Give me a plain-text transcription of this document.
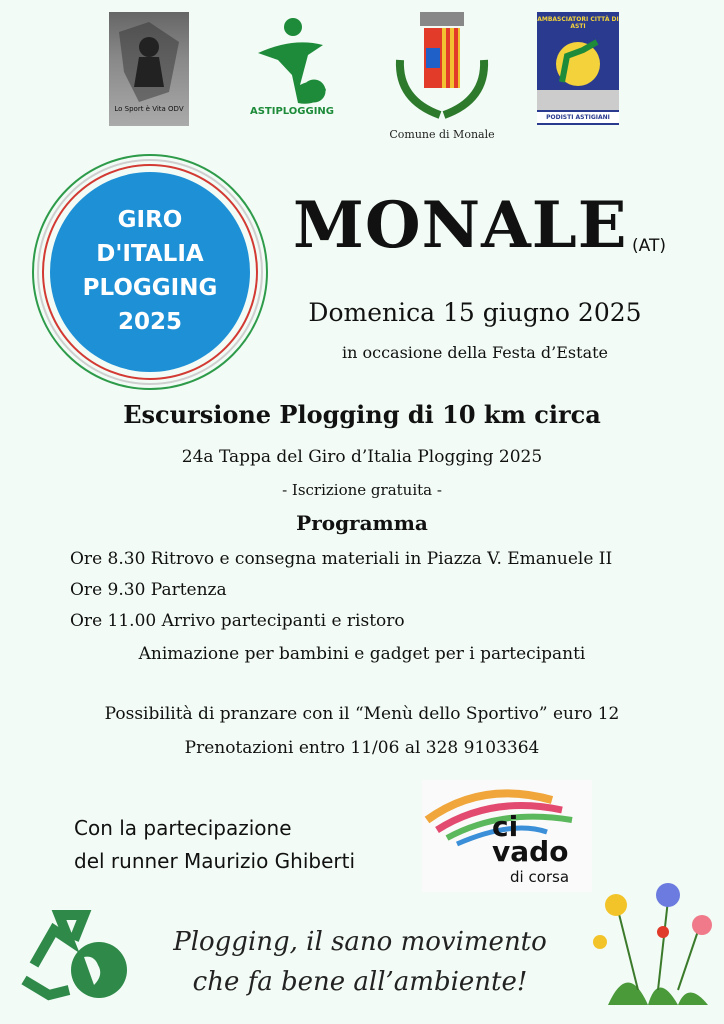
Lo Sport è Vita ODV	ASTIPLOGGING
Comune di Monale
AMBASCIATORI CITTÀ DI ASTI
PODISTI ASTIGIANI
GIRO
D'ITALIA
PLOGGING
2025
MONALE (AT)
Domenica 15 giugno 2025
in occasione della Festa d’Estate
Escursione Plogging di 10 km circa
24a Tappa del Giro d’Italia Plogging 2025
- Iscrizione gratuita -
Programma
Ore 8.30 Ritrovo e consegna materiali in Piazza V. Emanuele II
Ore 9.30 Partenza
Ore 11.00 Arrivo partecipanti e ristoro
Animazione per bambini e gadget per i partecipanti
Possibilità di pranzare con il “Menù dello Sportivo” euro 12
Prenotazioni entro 11/06 al 328 9103364
Con la partecipazione
del runner Maurizio Ghiberti
ci
vado
di corsa
Plogging, il sano movimento
che fa bene all’ambiente!
